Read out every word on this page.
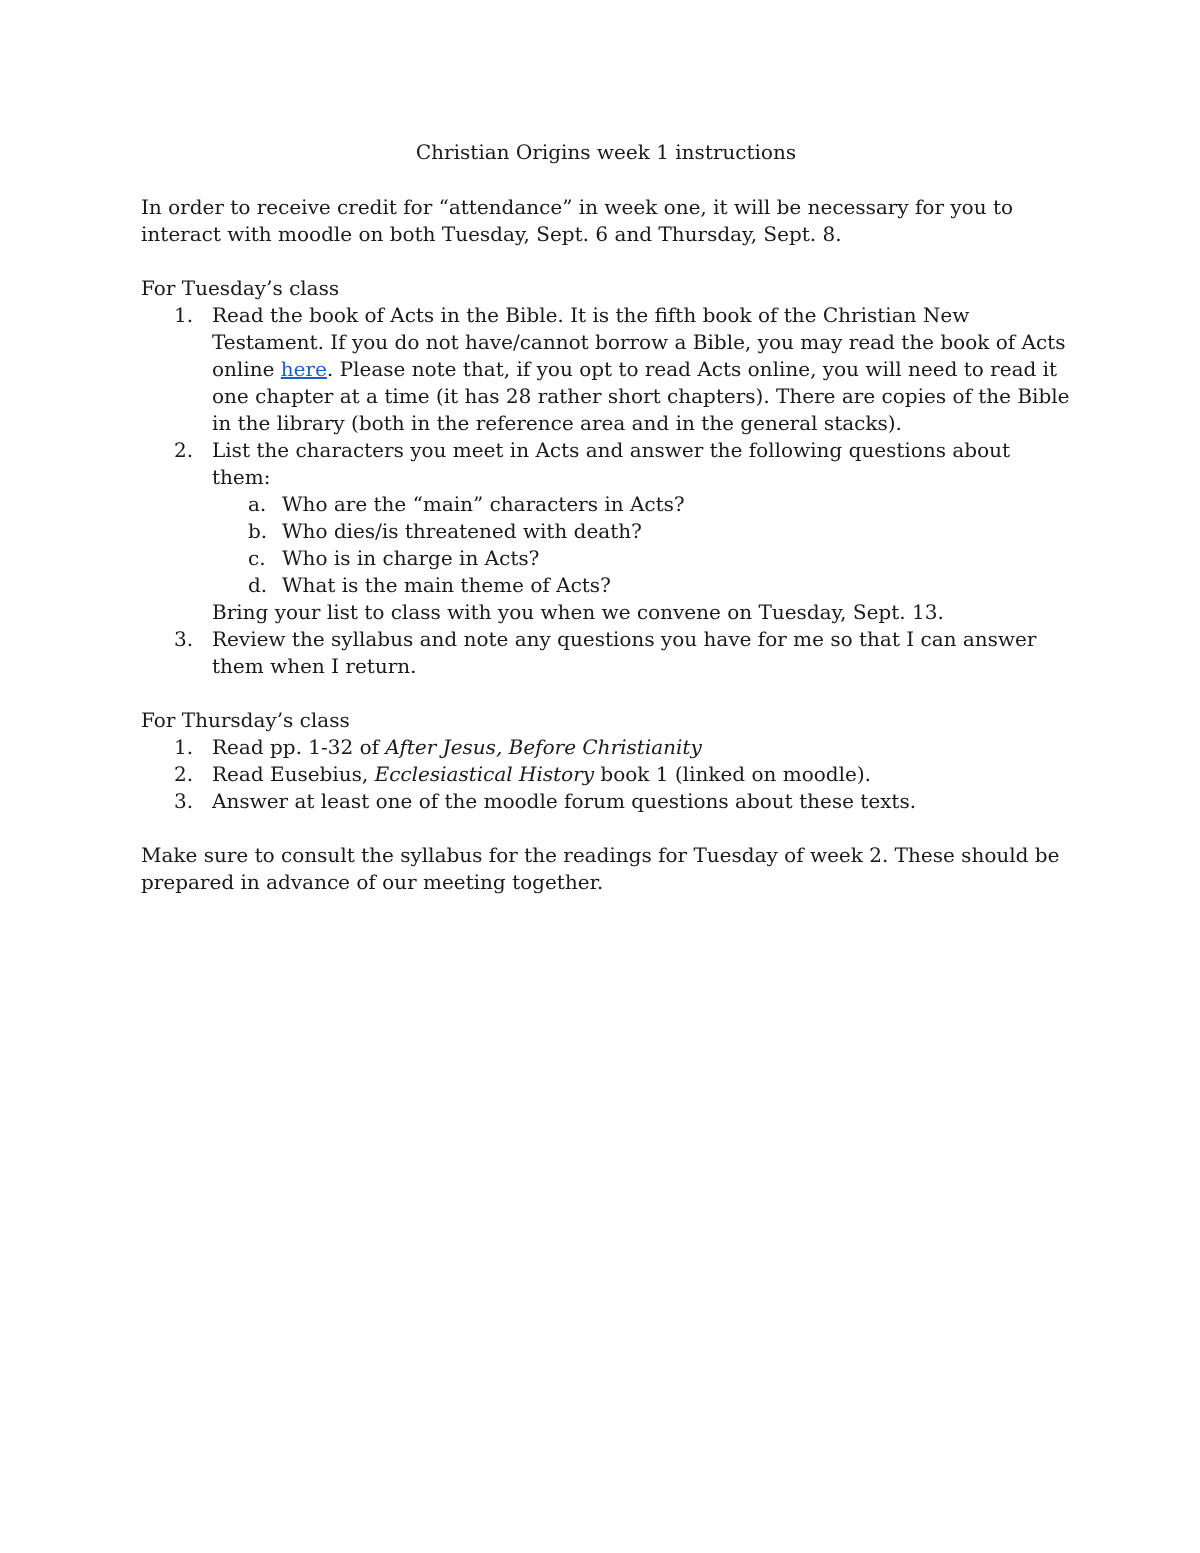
Christian Origins week 1 instructions

In order to receive credit for “attendance” in week one, it will be necessary for you to interact with moodle on both Tuesday, Sept. 6 and Thursday, Sept. 8.

For Tuesday’s class

1. Read the book of Acts in the Bible. It is the fifth book of the Christian New Testament. If you do not have/cannot borrow a Bible, you may read the book of Acts online here. Please note that, if you opt to read Acts online, you will need to read it one chapter at a time (it has 28 rather short chapters). There are copies of the Bible in the library (both in the reference area and in the general stacks).
2. List the characters you meet in Acts and answer the following questions about them:
a. Who are the “main” characters in Acts?
b. Who dies/is threatened with death?
c. Who is in charge in Acts?
d. What is the main theme of Acts?

Bring your list to class with you when we convene on Tuesday, Sept. 13.

3. Review the syllabus and note any questions you have for me so that I can answer them when I return.

For Thursday’s class

1. Read pp. 1-32 of After Jesus, Before Christianity
2. Read Eusebius, Ecclesiastical History book 1 (linked on moodle).
3. Answer at least one of the moodle forum questions about these texts.

Make sure to consult the syllabus for the readings for Tuesday of week 2. These should be prepared in advance of our meeting together.
